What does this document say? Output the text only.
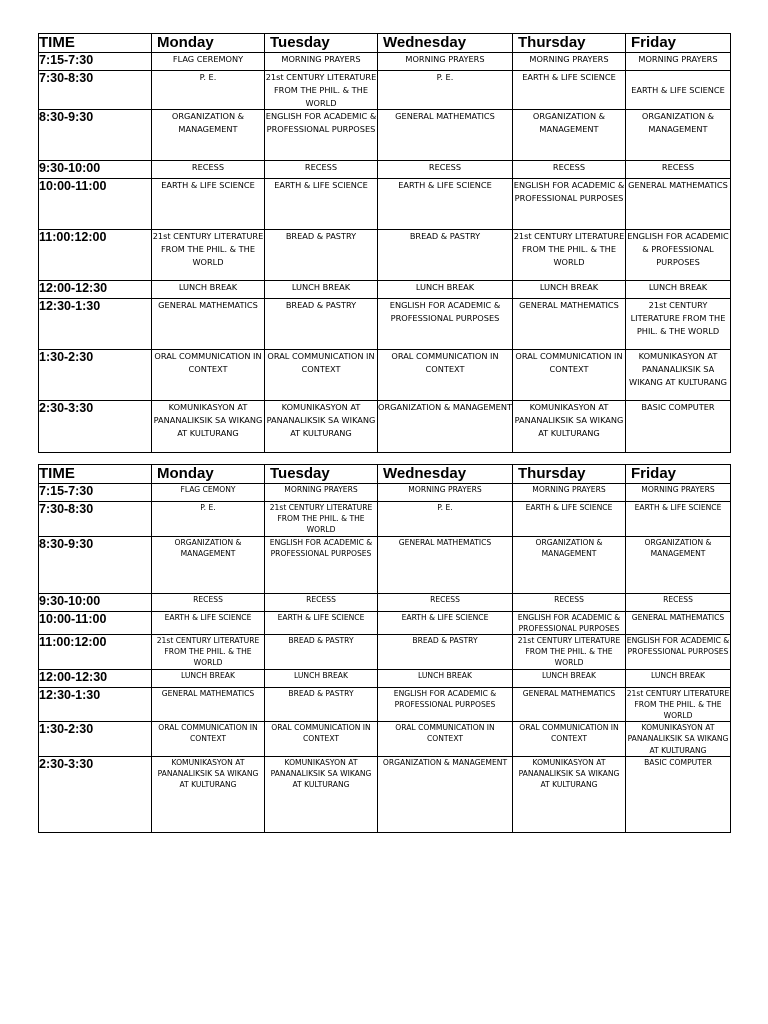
TIME	Monday	Tuesday	Wednesday	Thursday	Friday
7:15-7:30	FLAG CEREMONY	MORNING PRAYERS	MORNING PRAYERS	MORNING PRAYERS	MORNING PRAYERS
7:30-8:30	P. E.	21st CENTURY LITERATURE FROM THE PHIL. & THE WORLD	P. E.	EARTH & LIFE SCIENCE	EARTH & LIFE SCIENCE
8:30-9:30	ORGANIZATION & MANAGEMENT	ENGLISH FOR ACADEMIC & PROFESSIONAL PURPOSES	GENERAL MATHEMATICS	ORGANIZATION & MANAGEMENT	ORGANIZATION & MANAGEMENT
9:30-10:00	RECESS	RECESS	RECESS	RECESS	RECESS
10:00-11:00	EARTH & LIFE SCIENCE	EARTH & LIFE SCIENCE	EARTH & LIFE SCIENCE	ENGLISH FOR ACADEMIC & PROFESSIONAL PURPOSES	GENERAL MATHEMATICS
11:00:12:00	21st CENTURY LITERATURE FROM THE PHIL. & THE WORLD	BREAD & PASTRY	BREAD & PASTRY	21st CENTURY LITERATURE FROM THE PHIL. & THE WORLD	ENGLISH FOR ACADEMIC & PROFESSIONAL PURPOSES
12:00-12:30	LUNCH BREAK	LUNCH BREAK	LUNCH BREAK	LUNCH BREAK	LUNCH BREAK
12:30-1:30	GENERAL MATHEMATICS	BREAD & PASTRY	ENGLISH FOR ACADEMIC & PROFESSIONAL PURPOSES	GENERAL MATHEMATICS	21st CENTURY LITERATURE FROM THE PHIL. & THE WORLD
1:30-2:30	ORAL COMMUNICATION IN CONTEXT	ORAL COMMUNICATION IN CONTEXT	ORAL COMMUNICATION IN CONTEXT	ORAL COMMUNICATION IN CONTEXT	KOMUNIKASYON AT PANANALIKSIK SA WIKANG AT KULTURANG
2:30-3:30	KOMUNIKASYON AT PANANALIKSIK SA WIKANG AT KULTURANG	KOMUNIKASYON AT PANANALIKSIK SA WIKANG AT KULTURANG	ORGANIZATION & MANAGEMENT	KOMUNIKASYON AT PANANALIKSIK SA WIKANG AT KULTURANG	BASIC COMPUTER
TIME	Monday	Tuesday	Wednesday	Thursday	Friday
7:15-7:30	FLAG CEMONY	MORNING PRAYERS	MORNING PRAYERS	MORNING PRAYERS	MORNING PRAYERS
7:30-8:30	P. E.	21st CENTURY LITERATURE FROM THE PHIL. & THE WORLD	P. E.	EARTH & LIFE SCIENCE	EARTH & LIFE SCIENCE
8:30-9:30	ORGANIZATION & MANAGEMENT	ENGLISH FOR ACADEMIC & PROFESSIONAL PURPOSES	GENERAL MATHEMATICS	ORGANIZATION & MANAGEMENT	ORGANIZATION & MANAGEMENT
9:30-10:00	RECESS	RECESS	RECESS	RECESS	RECESS
10:00-11:00	EARTH & LIFE SCIENCE	EARTH & LIFE SCIENCE	EARTH & LIFE SCIENCE	ENGLISH FOR ACADEMIC & PROFESSIONAL PURPOSES	GENERAL MATHEMATICS
11:00:12:00	21st CENTURY LITERATURE FROM THE PHIL. & THE WORLD	BREAD & PASTRY	BREAD & PASTRY	21st CENTURY LITERATURE FROM THE PHIL. & THE WORLD	ENGLISH FOR ACADEMIC & PROFESSIONAL PURPOSES
12:00-12:30	LUNCH BREAK	LUNCH BREAK	LUNCH BREAK	LUNCH BREAK	LUNCH BREAK
12:30-1:30	GENERAL MATHEMATICS	BREAD & PASTRY	ENGLISH FOR ACADEMIC & PROFESSIONAL PURPOSES	GENERAL MATHEMATICS	21st CENTURY LITERATURE FROM THE PHIL. & THE WORLD
1:30-2:30	ORAL COMMUNICATION IN CONTEXT	ORAL COMMUNICATION IN CONTEXT	ORAL COMMUNICATION IN CONTEXT	ORAL COMMUNICATION IN CONTEXT	KOMUNIKASYON AT PANANALIKSIK SA WIKANG AT KULTURANG
2:30-3:30	KOMUNIKASYON AT PANANALIKSIK SA WIKANG AT KULTURANG	KOMUNIKASYON AT PANANALIKSIK SA WIKANG AT KULTURANG	ORGANIZATION & MANAGEMENT	KOMUNIKASYON AT PANANALIKSIK SA WIKANG AT KULTURANG	BASIC COMPUTER
